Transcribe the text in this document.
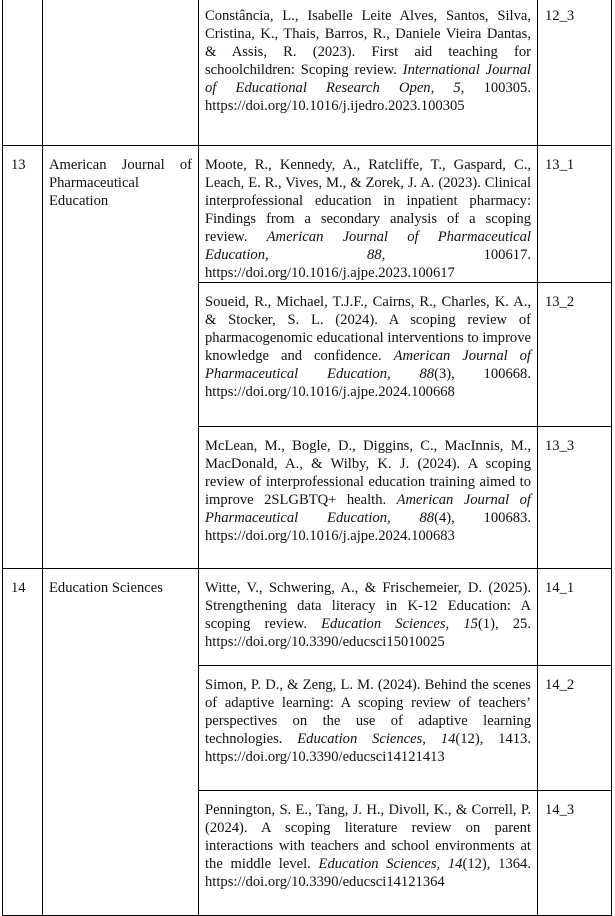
		Constância, L., Isabelle Leite Alves, Santos, Silva, Cristina, K., Thais, Barros, R., Daniele Vieira Dantas, & Assis, R. (2023). First aid teaching for schoolchildren: Scoping review. International Journal of Educational Research Open, 5, 100305. https://doi.org/10.1016/j.ijedro.2023.100305	12_3
13	American Journal of Pharmaceutical Education	Moote, R., Kennedy, A., Ratcliffe, T., Gaspard, C., Leach, E. R., Vives, M., & Zorek, J. A. (2023). Clinical interprofessional education in inpatient pharmacy: Findings from a secondary analysis of a scoping review. American Journal of Pharmaceutical Education, 88, 100617. https://doi.org/10.1016/j.ajpe.2023.100617	13_1
		Soueid, R., Michael, T.J.F., Cairns, R., Charles, K. A., & Stocker, S. L. (2024). A scoping review of pharmacogenomic educational interventions to improve knowledge and confidence. American Journal of Pharmaceutical Education, 88(3), 100668. https://doi.org/10.1016/j.ajpe.2024.100668	13_2
		McLean, M., Bogle, D., Diggins, C., MacInnis, M., MacDonald, A., & Wilby, K. J. (2024). A scoping review of interprofessional education training aimed to improve 2SLGBTQ+ health. American Journal of Pharmaceutical Education, 88(4), 100683. https://doi.org/10.1016/j.ajpe.2024.100683	13_3
14	Education Sciences	Witte, V., Schwering, A., & Frischemeier, D. (2025). Strengthening data literacy in K-12 Education: A scoping review. Education Sciences, 15(1), 25. https://doi.org/10.3390/educsci15010025	14_1
		Simon, P. D., & Zeng, L. M. (2024). Behind the scenes of adaptive learning: A scoping review of teachers’ perspectives on the use of adaptive learning technologies. Education Sciences, 14(12), 1413. https://doi.org/10.3390/educsci14121413	14_2
		Pennington, S. E., Tang, J. H., Divoll, K., & Correll, P. (2024). A scoping literature review on parent interactions with teachers and school environments at the middle level. Education Sciences, 14(12), 1364. https://doi.org/10.3390/educsci14121364	14_3
